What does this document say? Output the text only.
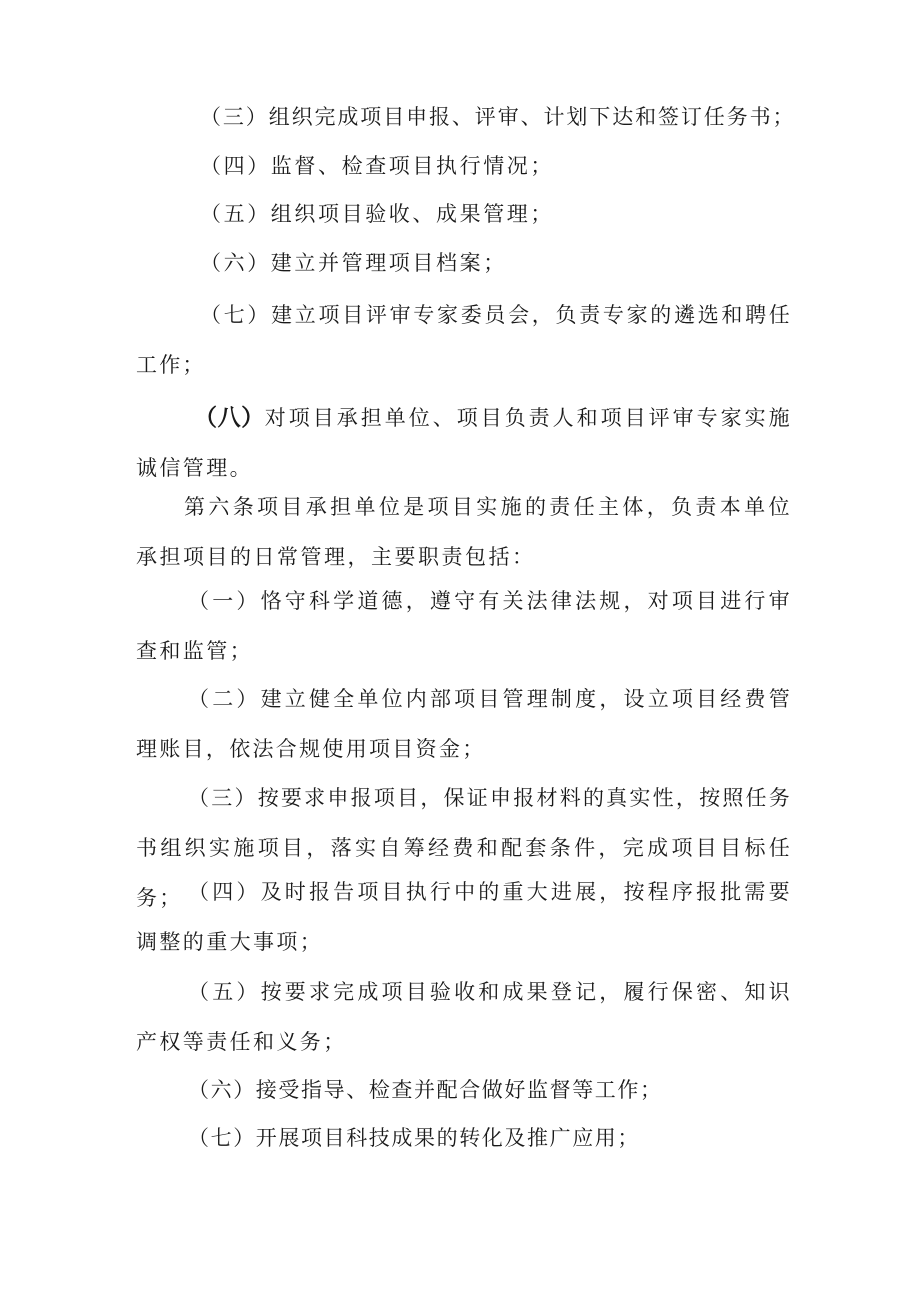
（三）组织完成项目申报、评审、计划下达和签订任务书；

（四）监督、检查项目执行情况；

（五）组织项目验收、成果管理；

（六）建立并管理项目档案；

（七）建立项目评审专家委员会，负责专家的遴选和聘任工作；

（八）对项目承担单位、项目负责人和项目评审专家实施诚信管理。

第六条项目承担单位是项目实施的责任主体，负责本单位承担项目的日常管理，主要职责包括：

（一）恪守科学道德，遵守有关法律法规，对项目进行审查和监管；

（二）建立健全单位内部项目管理制度，设立项目经费管理账目，依法合规使用项目资金；

（三）按要求申报项目，保证申报材料的真实性，按照任务书组织实施项目，落实自筹经费和配套条件，完成项目目标任务； （四）及时报告项目执行中的重大进展，按程序报批需要调整的重大事项；

（五）按要求完成项目验收和成果登记，履行保密、知识产权等责任和义务；

（六）接受指导、检查并配合做好监督等工作；

（七）开展项目科技成果的转化及推广应用；
